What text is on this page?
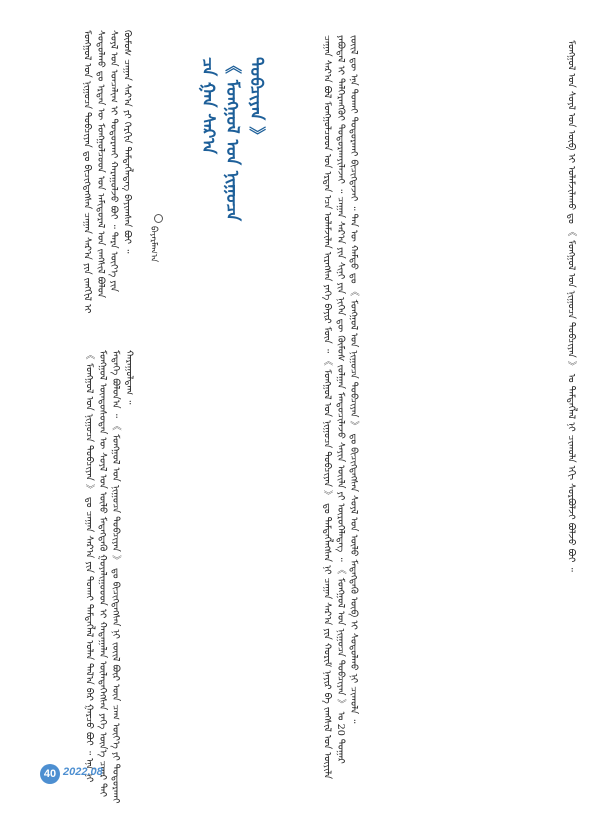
ᠴᠠ ᠭᠠᠨ ᠰᠠᠷ᠎ᠠ 《 ᠮᠣᠩᠭᠣᠯ ᠤᠨ ᠨᠢᠭᠤᠴᠠ ᠲᠣᠪᠴᠢᠶᠠᠨ 》
ᠪᠠᠶᠠᠷᠮᠠᠭ᠎ᠠ
ᠮᠣᠩᠭᠣᠯ ᠤᠨ ᠨᠢᠭᠤᠴᠠ ᠲᠣᠪᠴᠢᠶᠠᠨ ᠳᠤ ᠪᠢᠴᠢᠭᠳᠡᠭᠰᠡᠨ ᠴᠠᠭᠠᠨ ᠰᠠᠷ᠎ᠠ ᠶᠢᠨ ᠵᠠᠩᠬᠢᠯ ᠢ ᠰᠣᠳᠣᠯᠬᠤ ᠳᠤ ᠡᠷᠲᠡᠨ ᠦ ᠮᠣᠩᠭᠣᠯᠴᠤᠳ ᠤᠨ ᠠᠮᠢᠳᠤᠷᠠᠯ ᠤᠨ ᠵᠠᠩᠰᠢᠯ ᠪᠣᠯᠣᠨ ᠰᠤᠶᠯ ᠤᠨ ᠣᠨᠴᠠᠯᠢᠭ ᠢ ᠲᠣᠳᠣᠷᠬᠠᠶ ᠬᠠᠷᠠᠭᠤᠯᠵᠤ ᠪᠤᠢ ᠃ ᠲᠡᠷᠡ ᠦᠶ᠎ᠡ ᠶᠢᠨ ᠬᠦᠮᠦᠰ ᠴᠠᠭᠠᠨ ᠰᠠᠷ᠎ᠠ ᠶᠢ ᠬᠡᠷᠬᠢᠨ ᠲᠡᠮᠳᠡᠭᠯᠡᠳᠡᠭ ᠪᠠᠶᠢᠭᠰᠠᠨ ᠪᠤᠢ ᠃
《 ᠮᠣᠩᠭᠣᠯ ᠤᠨ ᠨᠢᠭᠤᠴᠠ ᠲᠣᠪᠴᠢᠶᠠᠨ 》 ᠳᠤ ᠴᠠᠭᠠᠨ ᠰᠠᠷ᠎ᠠ ᠶᠢᠨ ᠲᠤᠬᠠᠢ ᠲᠡᠮᠳᠡᠭᠯᠡᠯ ᠣᠯᠠᠨ ᠲᠠᠯ᠎ᠠ ᠪᠠᠷ ᠭᠠᠷᠴᠤ ᠪᠤᠢ ᠃ ᠡᠨᠡ ᠨᠢ ᠮᠣᠩᠭᠣᠯ ᠦᠨᠳᠦᠰᠦᠲᠡᠨ ᠦ ᠰᠤᠶᠯ ᠤᠨ ᠦᠯᠦ ᠮᠡᠳᠡᠭᠳᠡᠬᠦ ᠭᠤᠶᠠᠯᠢᠭᠤᠤᠳ ᠢ ᠬᠠᠳᠠᠭᠠᠯᠠᠨ ᠦᠯᠡᠳᠡᠭᠡᠭᠰᠡᠨ ᠶᠡᠬᠡ ᠦᠨ᠎ᠡ ᠴᠡᠨᠡᠷ ᠲᠡᠢ ᠮᠡᠳᠡᠭᠡ ᠪᠣᠯᠣᠨ᠎ᠠ ᠃ 《 ᠮᠣᠩᠭᠣᠯ ᠤᠨ ᠨᠢᠭᠤᠴᠠ ᠲᠣᠪᠴᠢᠶᠠᠨ 》 ᠳᠤ ᠪᠢᠴᠢᠭᠳᠡᠭᠰᠡᠨ ᠨᠢ ᠵᠦᠢᠯ ᠪᠦᠷ ᠦᠨ ᠴᠠᠭ ᠦᠶ᠎ᠡ ᠶᠢ ᠲᠣᠳᠣᠷᠬᠠᠶ ᠬᠠᠷᠠᠭᠤᠯᠳᠠᠭ ᠃	ᠴᠠᠭᠠᠨ ᠰᠠᠷ᠎ᠠ ᠪᠣᠯ ᠮᠣᠩᠭᠣᠯᠴᠤᠳ ᠤᠨ ᠡᠷᠲᠡᠨ ᠡᠴᠡ ᠤᠯᠠᠮᠵᠢᠯᠠᠨ ᠢᠷᠡᠭᠰᠡᠨ ᠶᠡᠬᠡ ᠪᠠᠶᠢᠷ ᠮᠥᠨ ᠃ 《 ᠮᠣᠩᠭᠣᠯ ᠤᠨ ᠨᠢᠭᠤᠴᠠ ᠲᠣᠪᠴᠢᠶᠠᠨ 》 ᠳᠤ ᠲᠡᠮᠳᠡᠭᠯᠡᠭᠰᠡᠨ ᠨᠢ ᠴᠠᠭᠠᠨ ᠰᠠᠷ᠎ᠠ ᠶᠢᠨ ᠬᠤᠷᠢᠮ ᠨᠠᠶᠢᠷ ᠪᠠ ᠵᠠᠩᠰᠢᠯ ᠤᠨ ᠦᠶᠢᠯᠡ ᠶᠠᠪᠤᠳᠠᠯ ᠢ ᠳᠡᠯᠭᠡᠷᠡᠩᠭᠦᠢ ᠲᠣᠳᠣᠷᠬᠠᠶᠢᠯᠠᠵᠠᠢ ᠃ ᠴᠠᠭᠠᠨ ᠰᠠᠷ᠎ᠠ ᠶᠢᠨ ᠰᠢᠨᠢ ᠶᠢᠨ ᠨᠢᠭᠡᠨ ᠳᠦ ᠬᠦᠮᠦᠰ ᠵᠣᠯᠭᠠᠨ ᠮᠡᠨᠳᠦᠴᠢᠯᠡᠵᠦ ᠰᠠᠶᠢᠨ ᠦᠢᠯᠡ ᠶᠢ ᠦᠷᠦᠭᠡᠯᠡᠳᠡᠭ ᠃ 《 ᠮᠣᠩᠭᠣᠯ ᠤᠨ ᠨᠢᠭᠤᠴᠠ ᠲᠣᠪᠴᠢᠶᠠᠨ 》 ᠤ 20 ᠳᠤᠭᠠᠷ ᠵᠦᠢᠯ ᠳᠦ ᠡᠨᠡ ᠲᠤᠬᠠᠢ ᠲᠣᠳᠣᠷᠬᠠᠶ ᠪᠢᠴᠢᠭᠳᠡᠵᠡᠢ ᠃ ᠲᠡᠨ ᠦ ᠬᠠᠮᠲᠤ ᠳᠤ 《 ᠮᠣᠩᠭᠣᠯ ᠤᠨ ᠨᠢᠭᠤᠴᠠ ᠲᠣᠪᠴᠢᠶᠠᠨ 》 ᠳᠤ ᠪᠢᠴᠢᠭᠳᠡᠭᠰᠡᠨ ᠰᠤᠶᠯ ᠤᠨ ᠦᠯᠦ ᠮᠡᠳᠡᠭᠳᠡᠬᠦ ᠦᠪ ᠢ ᠰᠤᠳᠤᠯᠬᠤ ᠨᠢ ᠴᠢᠬᠤᠯᠠ ᠃	ᠮᠣᠩᠭᠣᠯ ᠤᠨ ᠰᠤᠶᠯ ᠤᠨ ᠦᠪ ᠢ ᠤᠯᠠᠮᠵᠢᠯᠠᠬᠤ ᠳᠤ 《 ᠮᠣᠩᠭᠣᠯ ᠤᠨ ᠨᠢᠭᠤᠴᠠ ᠲᠣᠪᠴᠢᠶᠠᠨ 》 ᠤ ᠲᠡᠮᠳᠡᠭᠯᠡᠯ ᠨᠢ ᠴᠢᠬᠤᠯᠠ ᠡᠬᠢ ᠰᠤᠷᠪᠤᠯᠵᠢ ᠪᠣᠯᠵᠤ ᠪᠤᠢ ᠃
40 2022.08
